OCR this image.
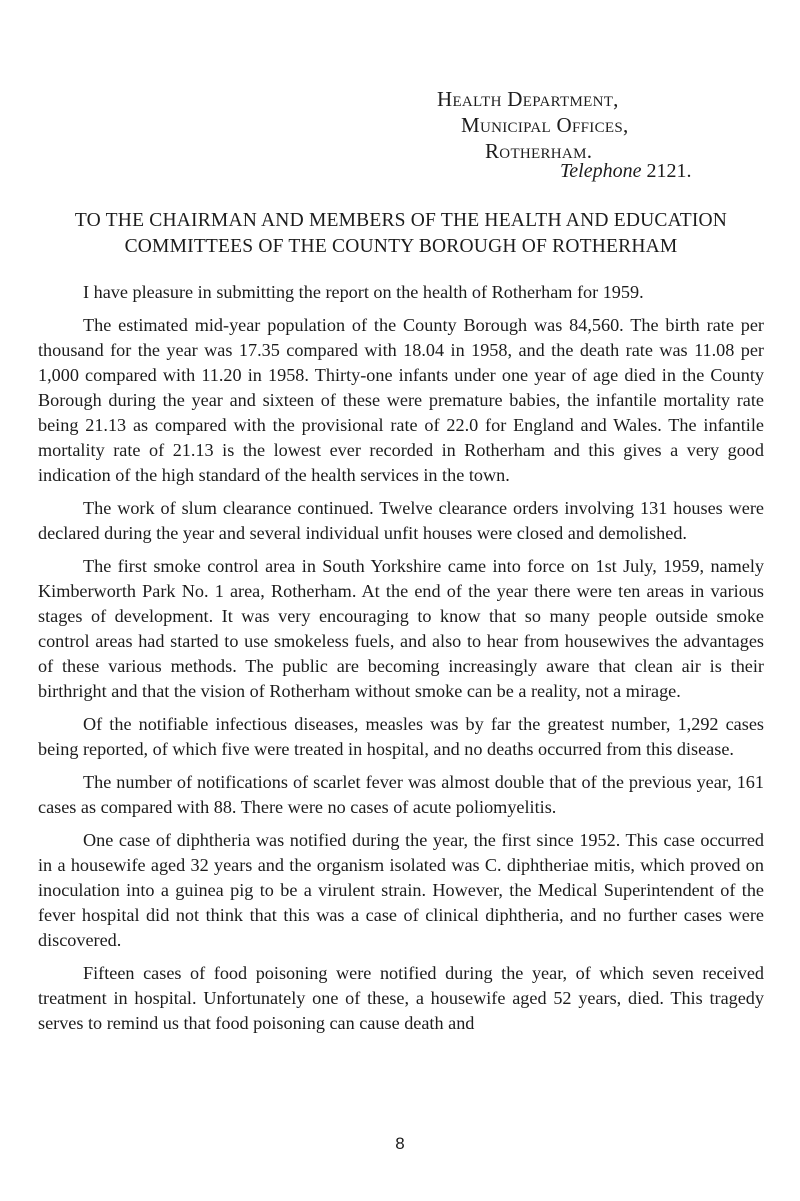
Health Department,
Municipal Offices,
Rotherham.
Telephone 2121.
TO THE CHAIRMAN AND MEMBERS OF THE HEALTH AND EDUCATION
COMMITTEES OF THE COUNTY BOROUGH OF ROTHERHAM

I have pleasure in submitting the report on the health of Rotherham for 1959.

The estimated mid-year population of the County Borough was 84,560. The birth rate per thousand for the year was 17.35 compared with 18.04 in 1958, and the death rate was 11.08 per 1,000 compared with 11.20 in 1958. Thirty-one infants under one year of age died in the County Borough during the year and sixteen of these were premature babies, the infantile mortality rate being 21.13 as compared with the provisional rate of 22.0 for England and Wales. The infantile mortality rate of 21.13 is the lowest ever recorded in Rotherham and this gives a very good indication of the high standard of the health services in the town.

The work of slum clearance continued. Twelve clearance orders involving 131 houses were declared during the year and several individual unfit houses were closed and demolished.

The first smoke control area in South Yorkshire came into force on 1st July, 1959, namely Kimberworth Park No. 1 area, Rotherham. At the end of the year there were ten areas in various stages of development. It was very encouraging to know that so many people outside smoke control areas had started to use smokeless fuels, and also to hear from housewives the advantages of these various methods. The public are becoming increasingly aware that clean air is their birthright and that the vision of Rotherham without smoke can be a reality, not a mirage.

Of the notifiable infectious diseases, measles was by far the greatest number, 1,292 cases being reported, of which five were treated in hospital, and no deaths occurred from this disease.

The number of notifications of scarlet fever was almost double that of the previous year, 161 cases as compared with 88. There were no cases of acute poliomyelitis.

One case of diphtheria was notified during the year, the first since 1952. This case occurred in a housewife aged 32 years and the organism isolated was C. diphtheriae mitis, which proved on inoculation into a guinea pig to be a virulent strain. However, the Medical Superintendent of the fever hospital did not think that this was a case of clinical diphtheria, and no further cases were discovered.

Fifteen cases of food poisoning were notified during the year, of which seven received treatment in hospital. Unfortunately one of these, a housewife aged 52 years, died. This tragedy serves to remind us that food poisoning can cause death and

8
